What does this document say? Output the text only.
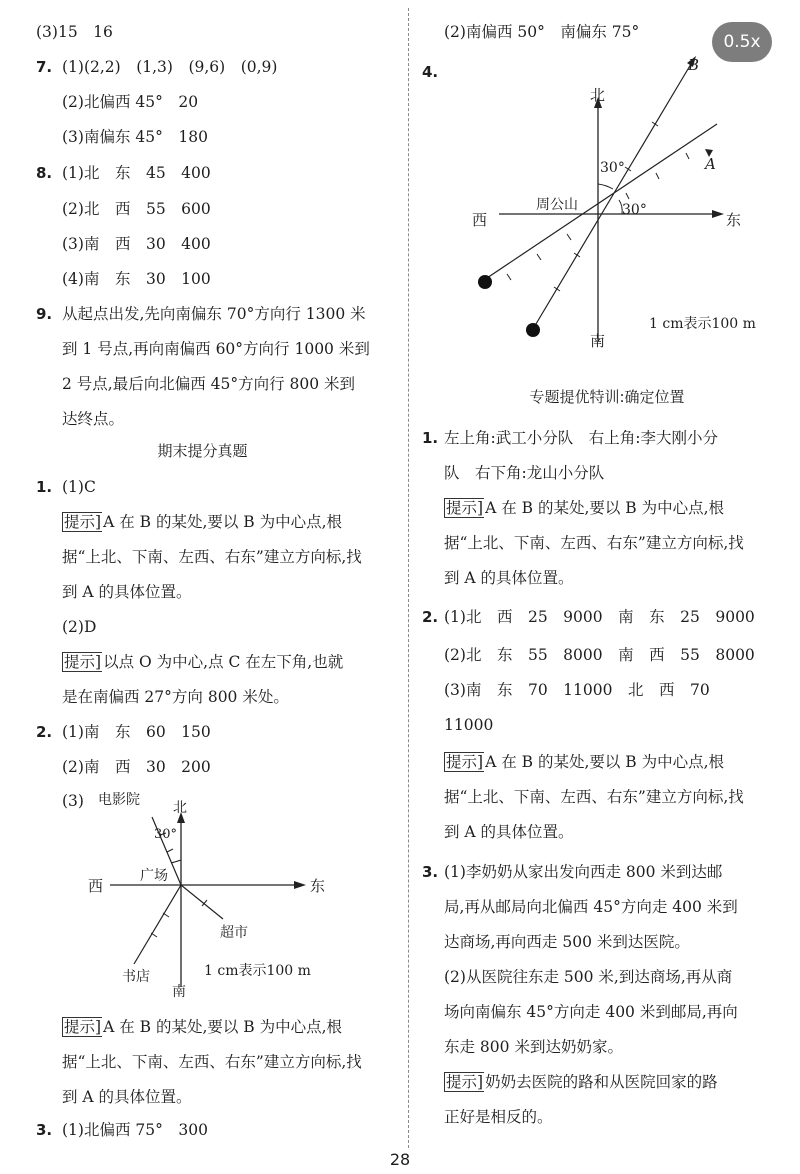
0.5x
(3)15　16
7. (1)(2,2)　(1,3)　(9,6)　(0,9)
(2)北偏西 45°　20
(3)南偏东 45°　180
8. (1)北　东　45　400
(2)北　西　55　600
(3)南　西　30　400
(4)南　东　30　100
9. 从起点出发,先向南偏东 70°方向行 1300 米
到 1 号点,再向南偏西 60°方向行 1000 米到
2 号点,最后向北偏西 45°方向行 800 米到
达终点。
期末提分真题
1. (1)C
提示 ] A 在 B 的某处,要以 B 为中心点,根
据“上北、下南、左西、右东”建立方向标,找
到 A 的具体位置。
(2)D
提示 ] 以点 O 为中心,点 C 在左下角,也就
是在南偏西 27°方向 800 米处。
2. (1)南　东　60　150
(2)南　西　30　200
(3) 电影院 北
30°
西
广场
东
超市
书店	1 cm表示100 m
南
提示 ] A 在 B 的某处,要以 B 为中心点,根
据“上北、下南、左西、右东”建立方向标,找
到 A 的具体位置。
3. (1)北偏西 75°　300
(2)南偏西 50°　南偏东 75°
4.	B
北
30°	A
周公山	30°
西	东
1 cm表示100 m
南
专题提优特训:确定位置
1. 左上角:武工小分队　右上角:李大刚小分
队　右下角:龙山小分队
提示 ] A 在 B 的某处,要以 B 为中心点,根
据“上北、下南、左西、右东”建立方向标,找
到 A 的具体位置。
2. (1)北　西　25　9000　南　东　25　9000
(2)北　东　55　8000　南　西　55　8000
(3)南　东　70　11000　北　西　70
11000
提示 ] A 在 B 的某处,要以 B 为中心点,根
据“上北、下南、左西、右东”建立方向标,找
到 A 的具体位置。
3. (1)李奶奶从家出发向西走 800 米到达邮
局,再从邮局向北偏西 45°方向走 400 米到
达商场,再向西走 500 米到达医院。
(2)从医院往东走 500 米,到达商场,再从商
场向南偏东 45°方向走 400 米到邮局,再向
东走 800 米到达奶奶家。
提示 ] 奶奶去医院的路和从医院回家的路
正好是相反的。
28
